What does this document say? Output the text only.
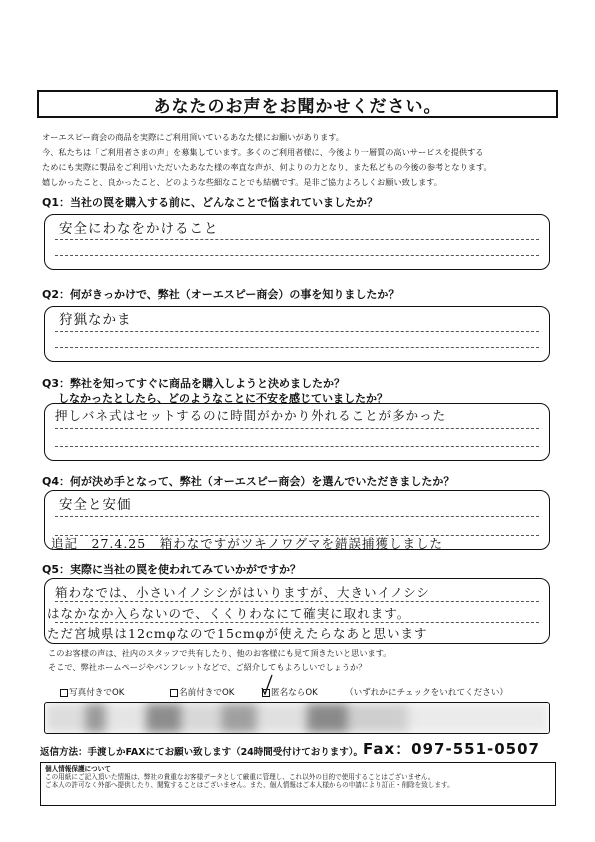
あなたのお声をお聞かせください。
オーエスピー商会の商品を実際にご利用頂いているあなた様にお願いがあります。
今、私たちは「ご利用者さまの声」を募集しています。多くのご利用者様に、今後より一層質の高いサービスを提供する
ためにも実際に製品をご利用いただいたあなた様の率直な声が、何よりの力となり、また私どもの今後の参考となります。
嬉しかったこと、良かったこと、どのような些細なことでも結構です。是非ご協力よろしくお願い致します。
Q1：当社の罠を購入する前に、どんなことで悩まれていましたか？
安全にわなをかけること
Q2：何がきっかけで、弊社（オーエスピー商会）の事を知りましたか？
狩猟なかま
Q3：弊社を知ってすぐに商品を購入しようと決めましたか？
しなかったとしたら、どのようなことに不安を感じていましたか？
押しバネ式はセットするのに時間がかかり外れることが多かった
Q4：何が決め手となって、弊社（オーエスピー商会）を選んでいただきましたか？
安全と安価
追記　27.4.25　箱わなですがツキノワグマを錯誤捕獲しました
Q5：実際に当社の罠を使われてみていかがですか？
箱わなでは、小さいイノシシがはいりますが、大きいイノシシ
はなかなか入らないので、くくりわなにて確実に取れます。
ただ宮城県は12cmφなので15cmφが使えたらなあと思います
このお客様の声は、社内のスタッフで共有したり、他のお客様にも見て頂きたいと思います。
そこで、弊社ホームページやパンフレットなどで、ご紹介してもよろしいでしょうか？
写真付きでOK	名前付きでOK	匿名ならOK	（いずれかにチェックをいれてください）
返信方法：手渡しかFAXにてお願い致します（24時間受付けております）。 Fax：097-551-0507
個人情報保護について
この用紙にご記入頂いた情報は、弊社の貴重なお客様データとして厳重に管理し、これ以外の目的で使用することはございません。
ご本人の許可なく外部へ提供したり、閲覧することはございません。また、個人情報はご本人様からの申請により訂正・削除を致します。
